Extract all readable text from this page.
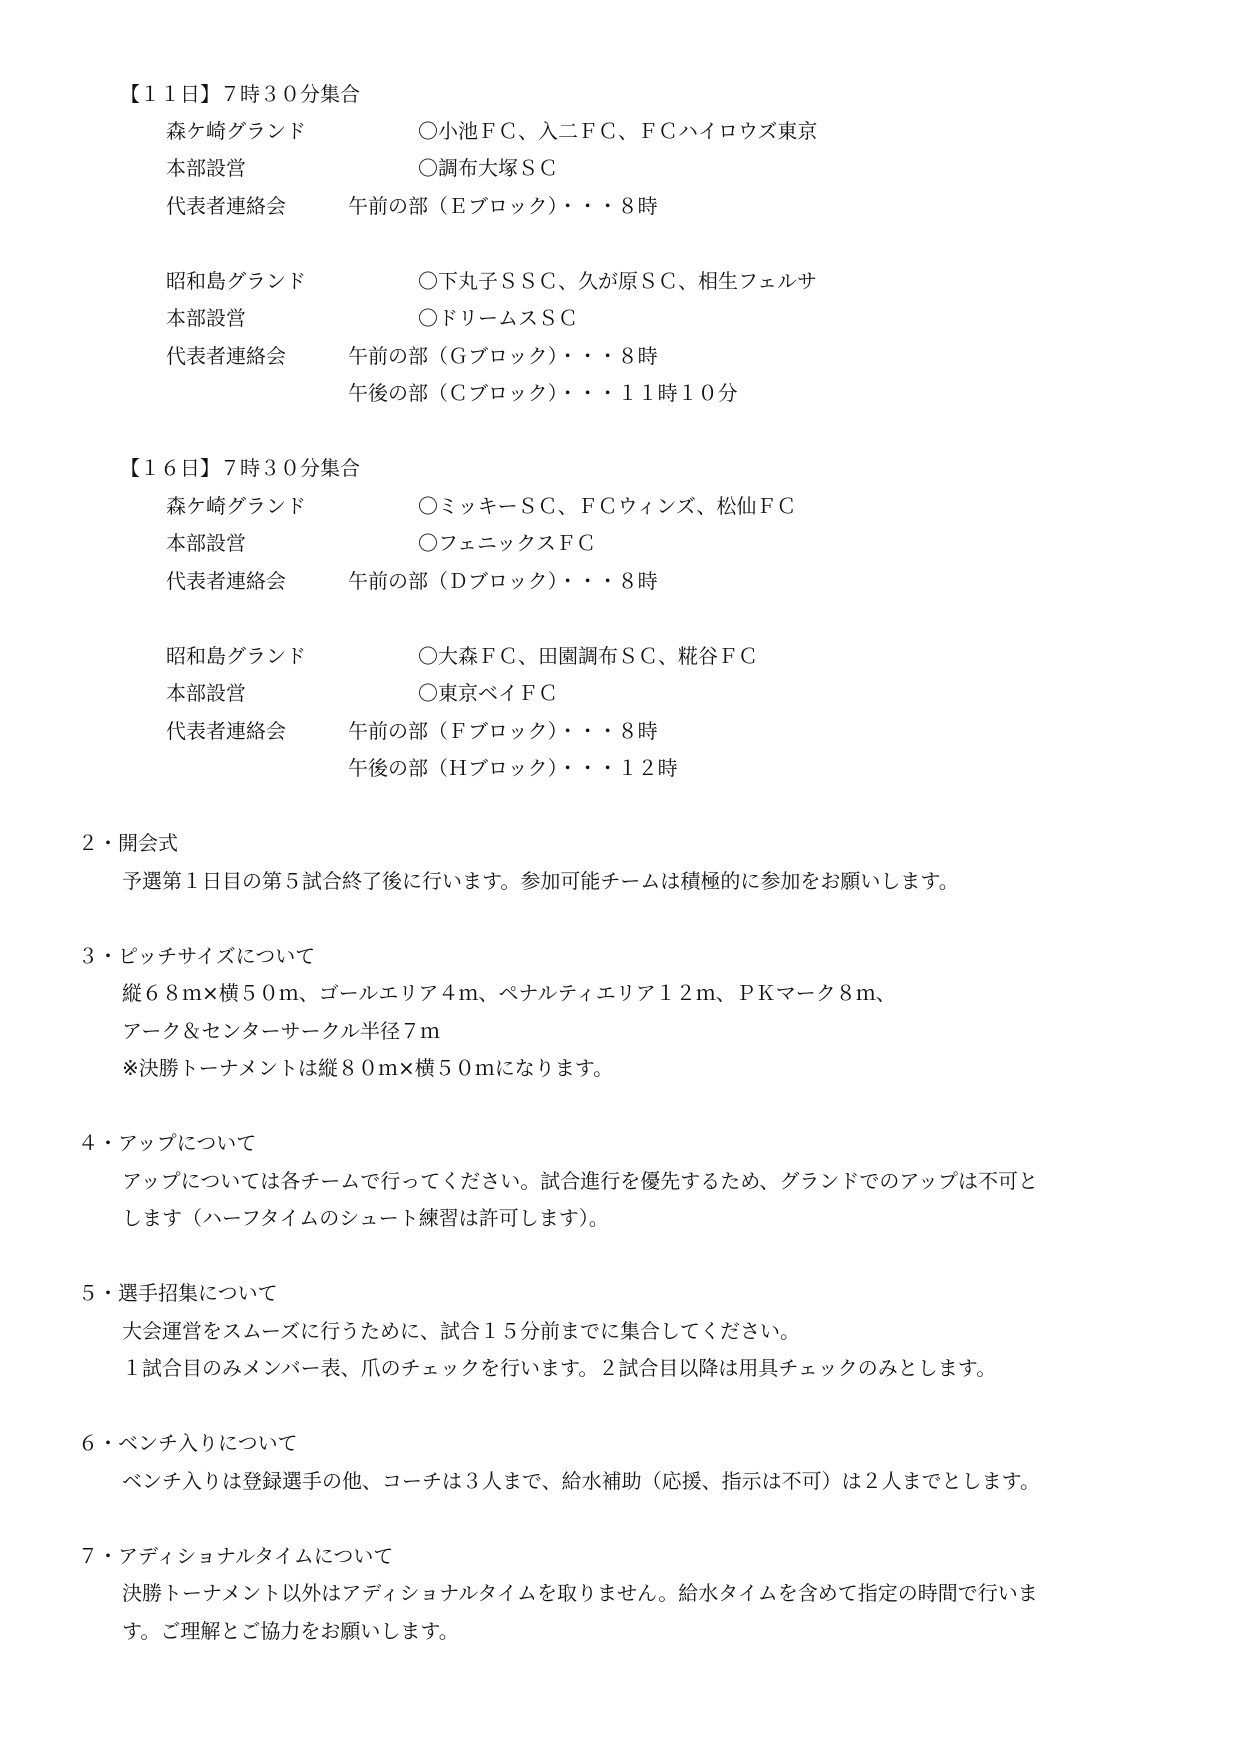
【１１日】７時３０分集合
森ケ崎グランド	〇小池ＦＣ、入二ＦＣ、ＦＣハイロウズ東京
本部設営	〇調布大塚ＳＣ
代表者連絡会	午前の部（Ｅブロック）・・・８時
昭和島グランド	〇下丸子ＳＳＣ、久が原ＳＣ、相生フェルサ
本部設営	〇ドリームスＳＣ
代表者連絡会	午前の部（Ｇブロック）・・・８時
午後の部（Ｃブロック）・・・１１時１０分
【１６日】７時３０分集合
森ケ崎グランド	〇ミッキーＳＣ、ＦＣウィンズ、松仙ＦＣ
本部設営	〇フェニックスＦＣ
代表者連絡会	午前の部（Ｄブロック）・・・８時
昭和島グランド	〇大森ＦＣ、田園調布ＳＣ、糀谷ＦＣ
本部設営	〇東京ベイＦＣ
代表者連絡会	午前の部（Ｆブロック）・・・８時
午後の部（Ｈブロック）・・・１２時
２・開会式
予選第１日目の第５試合終了後に行います。参加可能チームは積極的に参加をお願いします。
３・ピッチサイズについて
縦６８ｍ×横５０ｍ、ゴールエリア４ｍ、ペナルティエリア１２ｍ、ＰＫマーク８ｍ、
アーク＆センターサークル半径７ｍ
※決勝トーナメントは縦８０ｍ×横５０ｍになります。
４・アップについて
アップについては各チームで行ってください。試合進行を優先するため、グランドでのアップは不可と
します（ハーフタイムのシュート練習は許可します）。
５・選手招集について
大会運営をスムーズに行うために、試合１５分前までに集合してください。
１試合目のみメンバー表、爪のチェックを行います。２試合目以降は用具チェックのみとします。
６・ベンチ入りについて
ベンチ入りは登録選手の他、コーチは３人まで、給水補助（応援、指示は不可）は２人までとします。
７・アディショナルタイムについて
決勝トーナメント以外はアディショナルタイムを取りません。給水タイムを含めて指定の時間で行いま
す。ご理解とご協力をお願いします。
